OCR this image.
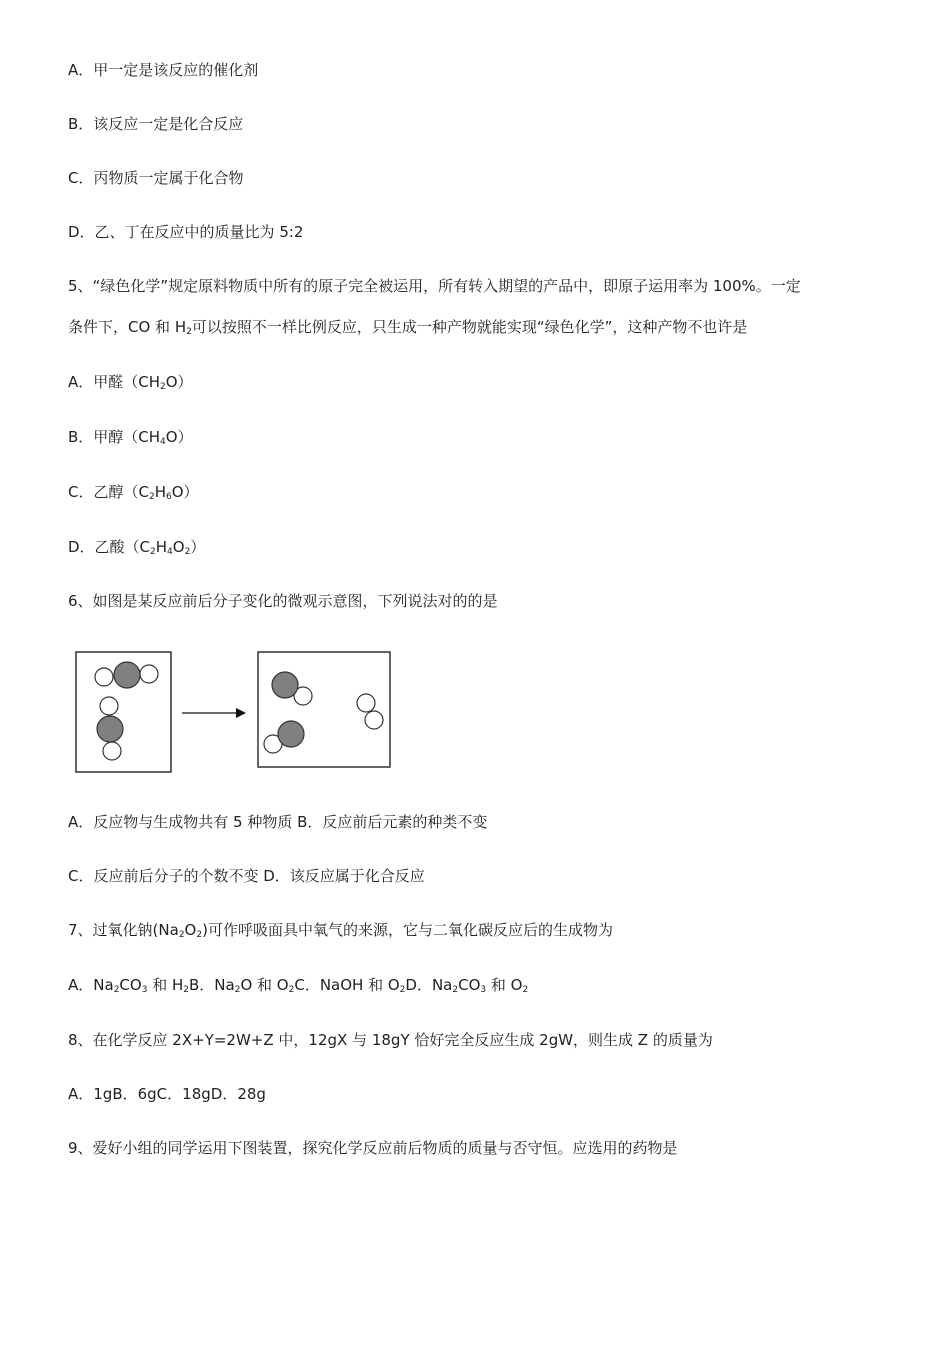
A．甲一定是该反应的催化剂
B．该反应一定是化合反应
C．丙物质一定属于化合物
D．乙、丁在反应中的质量比为 5:2
5、“绿色化学”规定原料物质中所有的原子完全被运用，所有转入期望的产品中，即原子运用率为 100%。一定
条件下，CO 和 $H_2$可以按照不一样比例反应，只生成一种产物就能实现“绿色化学”，这种产物不也许是
A．甲醛$(CH_2O)$
B．甲醇$(CH_4O)$
C．乙醇$(C_2H_6O)$
D．乙酸$(C_2H_4O_2)$
6、如图是某反应前后分子变化的微观示意图，下列说法对的的是
A．反应物与生成物共有 5 种物质 B．反应前后元素的种类不变
C．反应前后分子的个数不变 D．该反应属于化合反应
7、过氧化钠$(Na_2O_2)$可作呼吸面具中氧气的来源，它与二氧化碳反应后的生成物为
A．$Na_2CO_3$ 和 $H_2B$．$Na_2O$ 和 $O_2C$．NaOH 和 $O_2D$．$Na_2CO_3$ 和 $O_2$
8、在化学反应 2X+Y=2W+Z 中，12gX 与 18gY 恰好完全反应生成 2gW，则生成 Z 的质量为
A．1gB．6gC．18gD．28g
9、爱好小组的同学运用下图装置，探究化学反应前后物质的质量与否守恒。应选用的药物是
